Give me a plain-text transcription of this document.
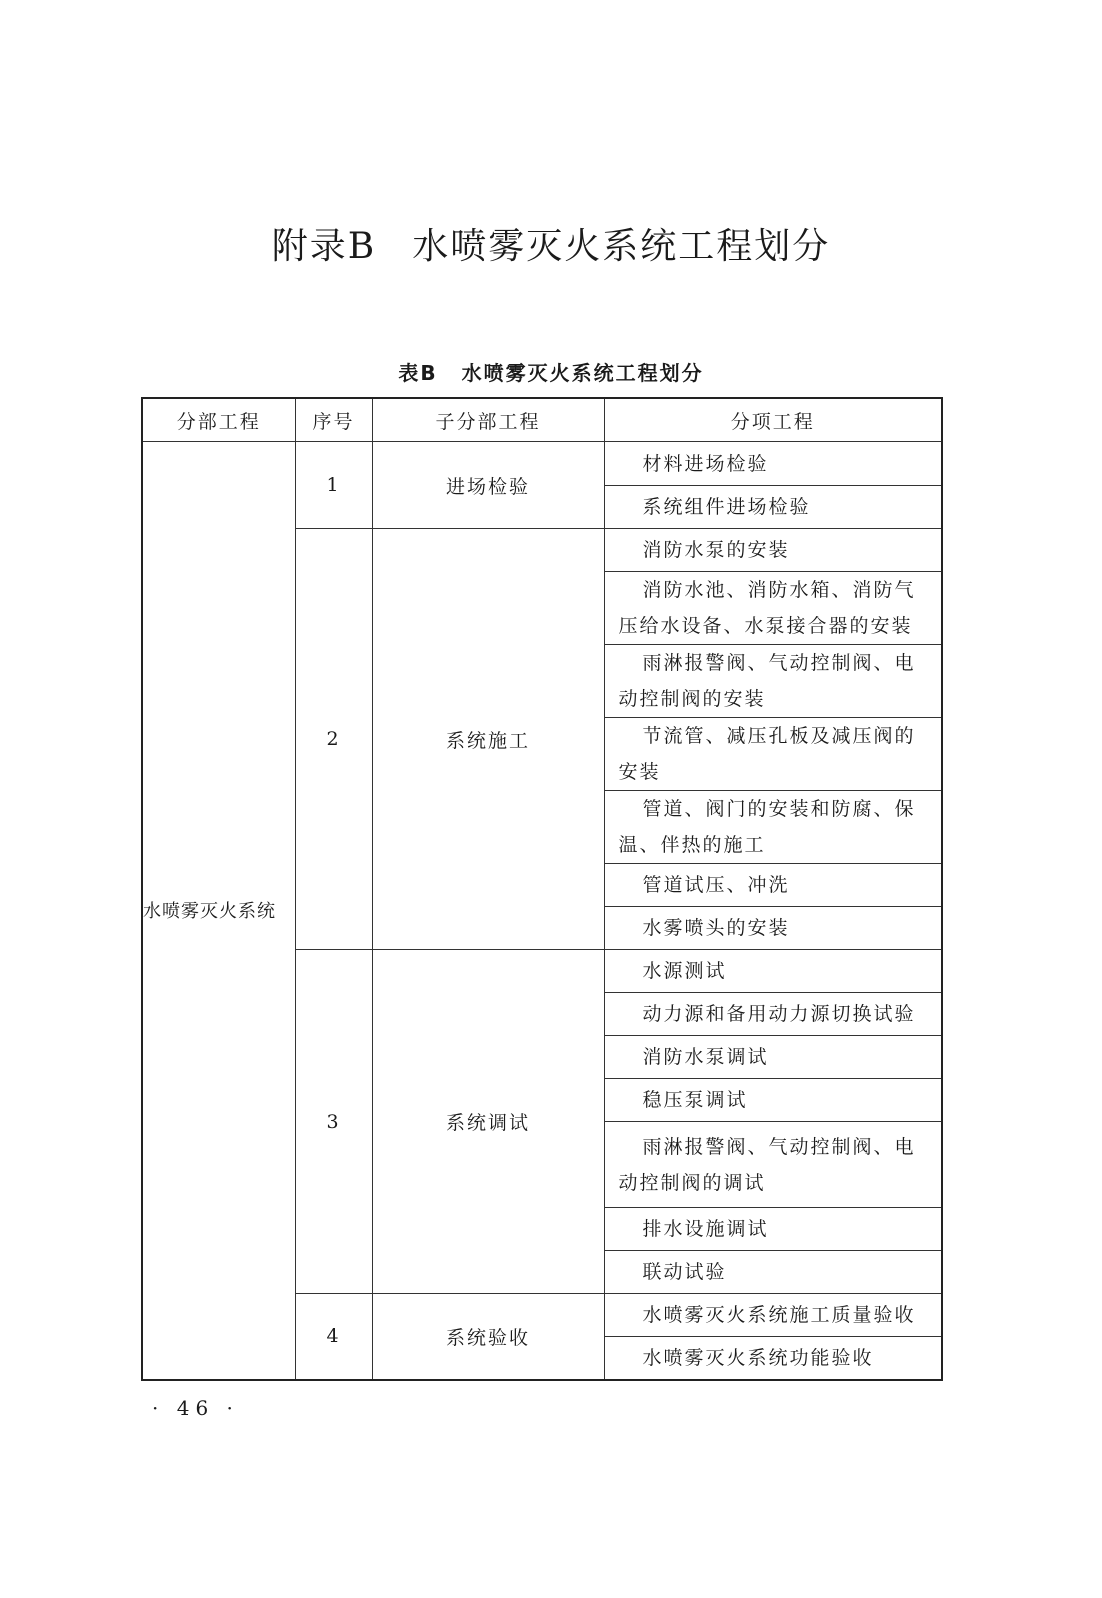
附录B 水喷雾灭火系统工程划分
表B 水喷雾灭火系统工程划分
分部工程	序号	子分部工程	分项工程
水喷雾灭火系统	1	进场检验	材料进场检验
			系统组件进场检验
	2	系统施工	消防水泵的安装
			消防水池、消防水箱、消防气压给水设备、水泵接合器的安装
			雨淋报警阀、气动控制阀、电动控制阀的安装
			节流管、减压孔板及减压阀的安装
			管道、阀门的安装和防腐、保温、伴热的施工
			管道试压、冲洗
			水雾喷头的安装
	3	系统调试	水源测试
			动力源和备用动力源切换试验
			消防水泵调试
			稳压泵调试
			雨淋报警阀、气动控制阀、电动控制阀的调试
			排水设施调试
			联动试验
	4	系统验收	水喷雾灭火系统施工质量验收
			水喷雾灭火系统功能验收
· 46 ·
